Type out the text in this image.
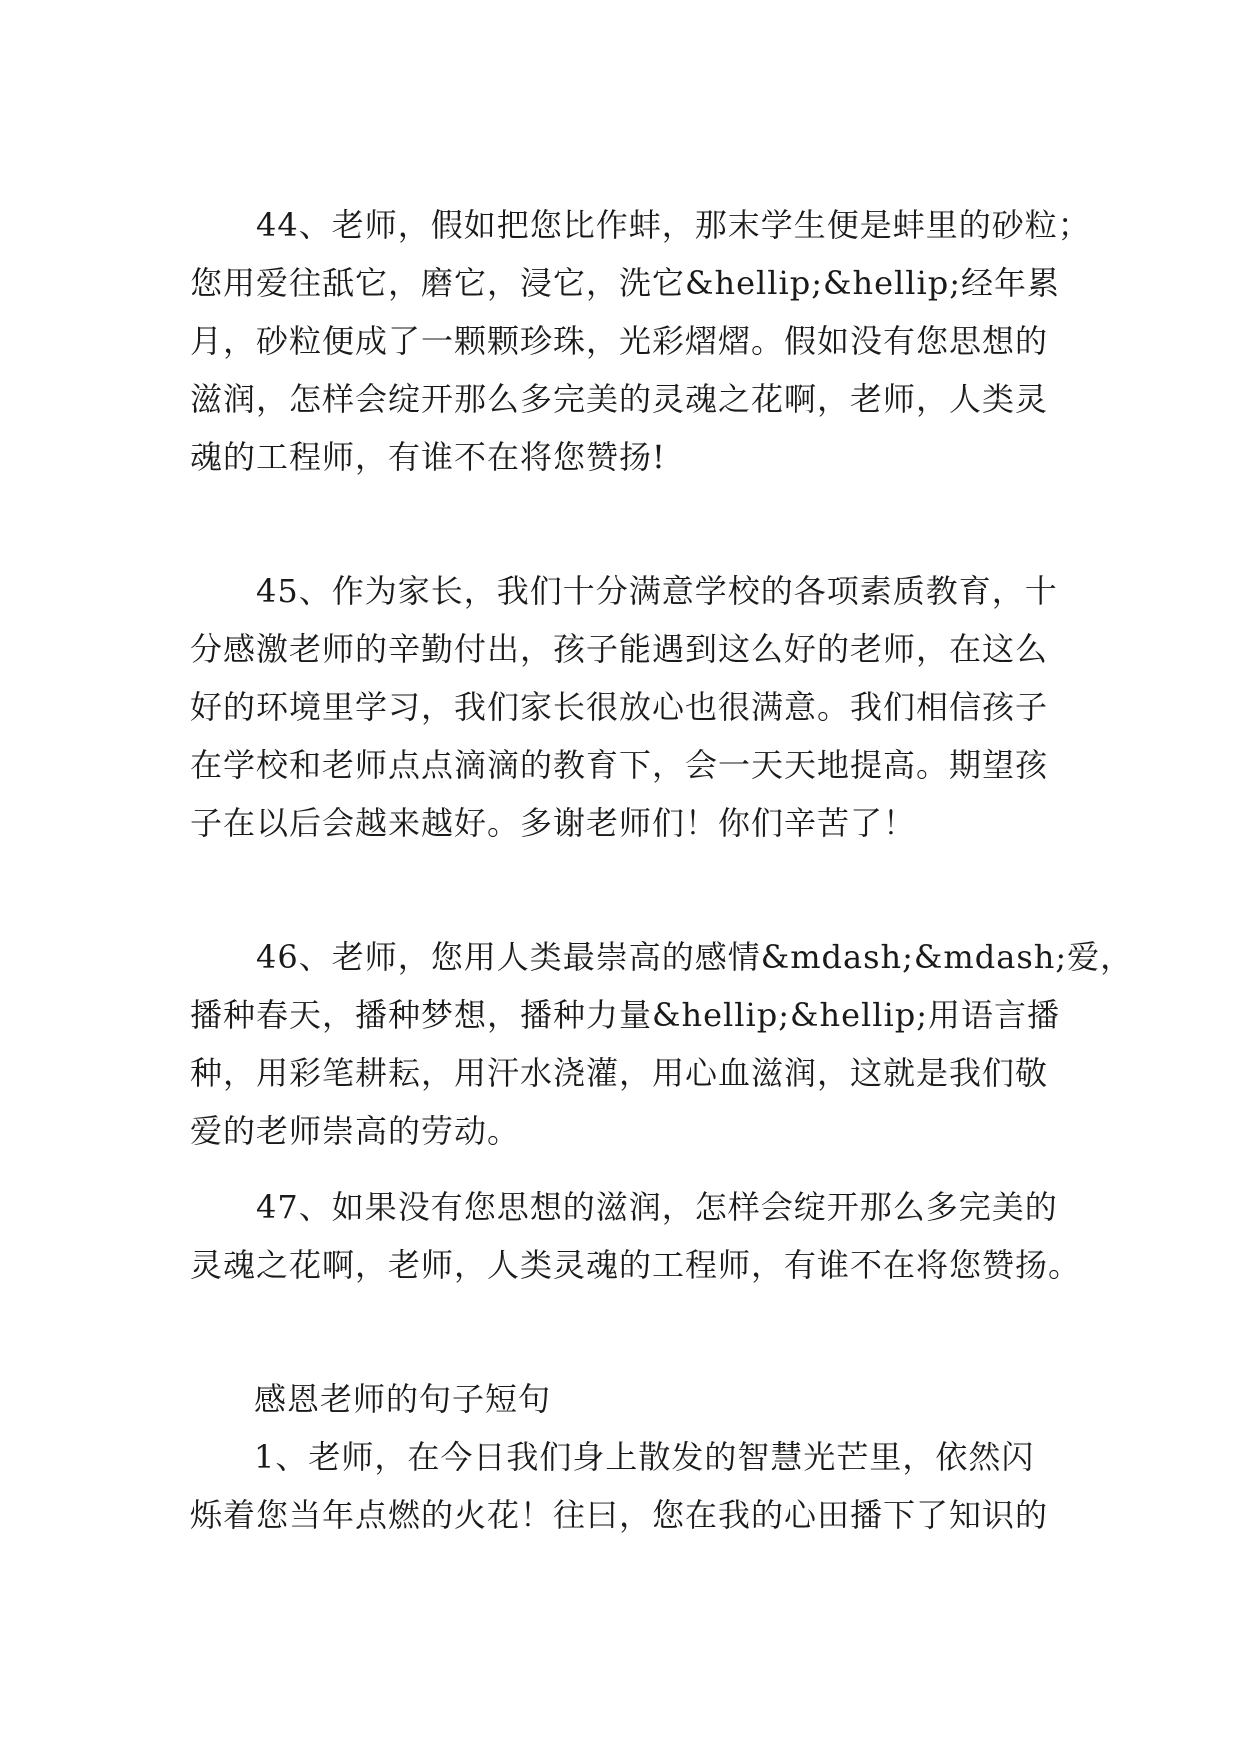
44、老师，假如把您比作蚌，那末学生便是蚌里的砂粒；
您用爱往舐它，磨它，浸它，洗它&hellip;&hellip;经年累
月，砂粒便成了一颗颗珍珠，光彩熠熠。假如没有您思想的
滋润，怎样会绽开那么多完美的灵魂之花啊，老师，人类灵
魂的工程师，有谁不在将您赞扬!

45、作为家长，我们十分满意学校的各项素质教育，十
分感激老师的辛勤付出，孩子能遇到这么好的老师，在这么
好的环境里学习，我们家长很放心也很满意。我们相信孩子
在学校和老师点点滴滴的教育下，会一天天地提高。期望孩
子在以后会越来越好。多谢老师们！你们辛苦了！

46、老师，您用人类最崇高的感情&mdash;&mdash;爱，
播种春天，播种梦想，播种力量&hellip;&hellip;用语言播
种，用彩笔耕耘，用汗水浇灌，用心血滋润，这就是我们敬
爱的老师崇高的劳动。

47、如果没有您思想的滋润，怎样会绽开那么多完美的
灵魂之花啊，老师，人类灵魂的工程师，有谁不在将您赞扬。

感恩老师的句子短句

1、老师，在今日我们身上散发的智慧光芒里，依然闪
烁着您当年点燃的火花！往曰，您在我的心田播下了知识的
